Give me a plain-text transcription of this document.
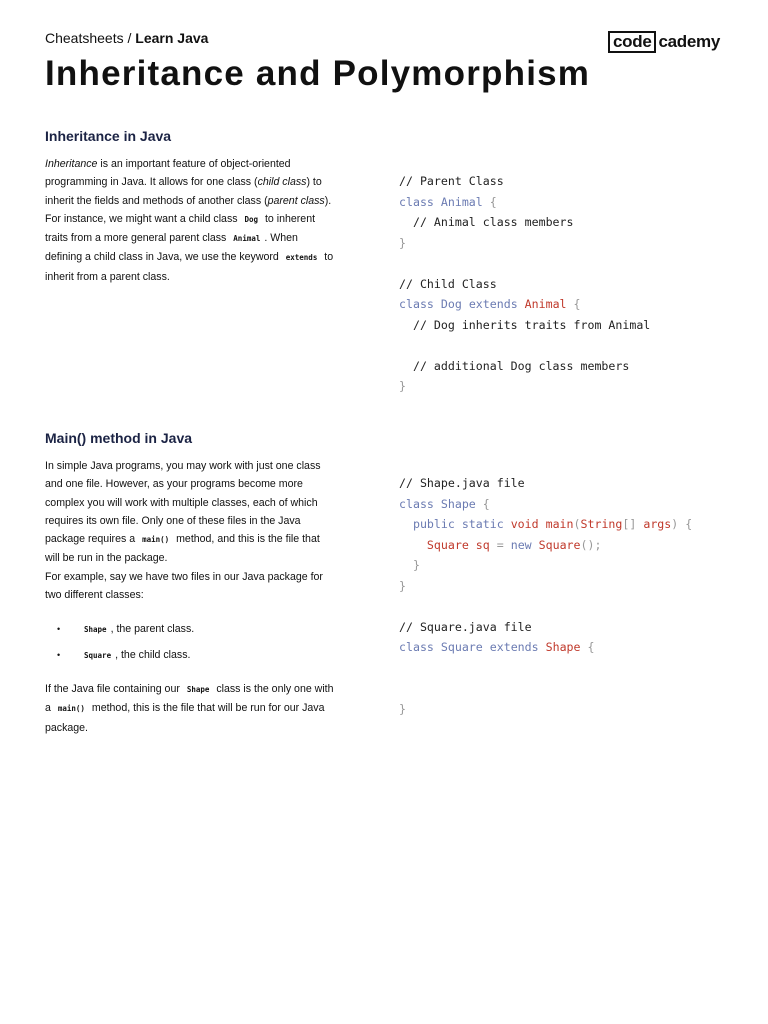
Cheatsheets / Learn Java	code cademy
Inheritance and Polymorphism
Inheritance in Java

Inheritance is an important feature of object-oriented programming in Java. It allows for one class (child class) to inherit the fields and methods of another class (parent class). For instance, we might want a child class Dog to inherent traits from a more general parent class Animal . When defining a child class in Java, we use the keyword extends to inherit from a parent class.

// Parent Class
class Animal {
// Animal class members
}
// Child Class
class Dog extends Animal {
// Dog inherits traits from Animal
// additional Dog class members
}
Main() method in Java

In simple Java programs, you may work with just one class and one file. However, as your programs become more complex you will work with multiple classes, each of which requires its own file. Only one of these files in the Java package requires a main() method, and this is the file that will be run in the package.
For example, say we have two files in our Java package for two different classes:

• Shape , the parent class.
• Square , the child class.

If the Java file containing our Shape class is the only one with a main() method, this is the file that will be run for our Java package.

// Shape.java file
class Shape {
public static void main(String[] args) {
Square sq = new Square();
}
}
// Square.java file
class Square extends Shape {
}
